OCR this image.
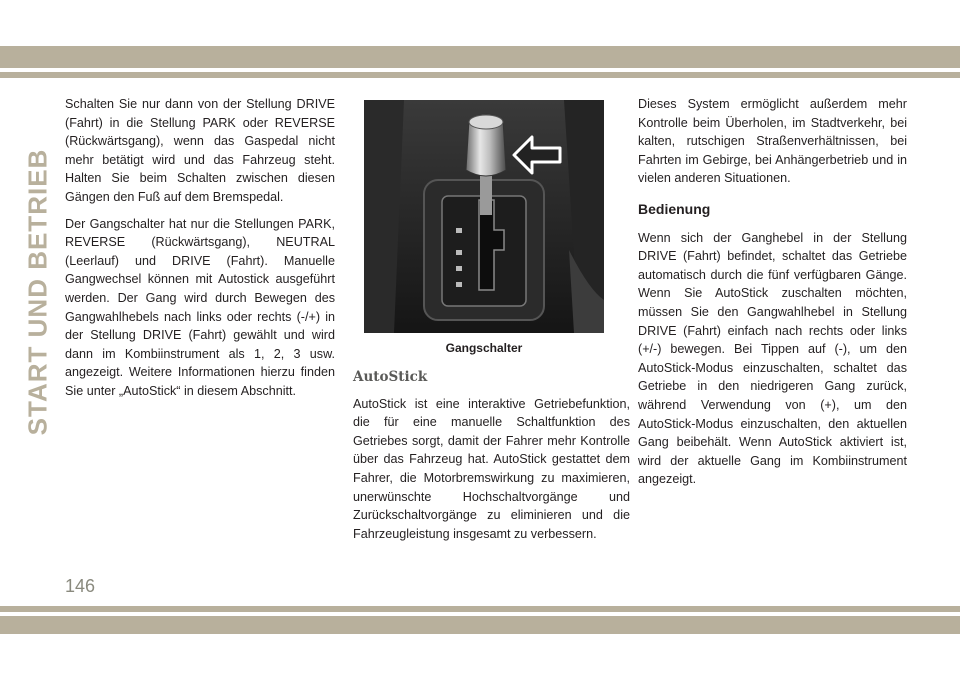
START UND BETRIEB

Schalten Sie nur dann von der Stellung DRIVE (Fahrt) in die Stellung PARK oder REVERSE (Rückwärtsgang), wenn das Gaspedal nicht mehr betätigt wird und das Fahrzeug steht. Halten Sie beim Schalten zwischen diesen Gängen den Fuß auf dem Bremspedal.

Der Gangschalter hat nur die Stellungen PARK, REVERSE (Rückwärtsgang), NEUTRAL (Leerlauf) und DRIVE (Fahrt). Manuelle Gangwechsel können mit Autostick ausgeführt werden. Der Gang wird durch Bewegen des Gangwahlhebels nach links oder rechts (-/+) in der Stellung DRIVE (Fahrt) gewählt und wird dann im Kombiinstrument als 1, 2, 3 usw. angezeigt. Weitere Informationen hierzu finden Sie unter „AutoStick“ in diesem Abschnitt.

Gangschalter
AutoStick

AutoStick ist eine interaktive Getriebefunktion, die für eine manuelle Schaltfunktion des Getriebes sorgt, damit der Fahrer mehr Kontrolle über das Fahrzeug hat. AutoStick gestattet dem Fahrer, die Motorbremswirkung zu maximieren, unerwünschte Hochschaltvorgänge und Zurückschaltvorgänge zu eliminieren und die Fahrzeugleistung insgesamt zu verbessern.

Dieses System ermöglicht außerdem mehr Kontrolle beim Überholen, im Stadtverkehr, bei kalten, rutschigen Straßenverhältnissen, bei Fahrten im Gebirge, bei Anhängerbetrieb und in vielen anderen Situationen.

Bedienung

Wenn sich der Ganghebel in der Stellung DRIVE (Fahrt) befindet, schaltet das Getriebe automatisch durch die fünf verfügbaren Gänge. Wenn Sie AutoStick zuschalten möchten, müssen Sie den Gangwahlhebel in Stellung DRIVE (Fahrt) einfach nach rechts oder links (+/-) bewegen. Bei Tippen auf (-), um den AutoStick-Modus einzuschalten, schaltet das Getriebe in den niedrigeren Gang zurück, während Verwendung von (+), um den AutoStick-Modus einzuschalten, den aktuellen Gang beibehält. Wenn AutoStick aktiviert ist, wird der aktuelle Gang im Kombiinstrument angezeigt.

146
